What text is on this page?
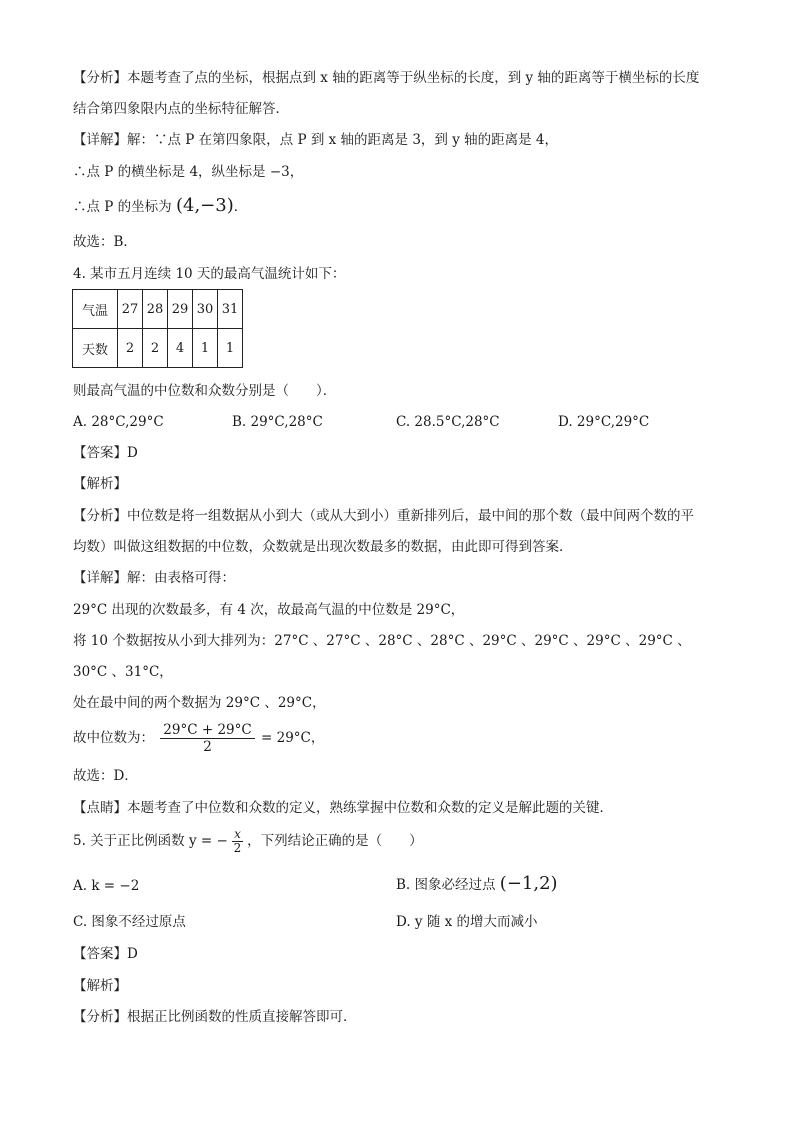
【分析】本题考查了点的坐标，根据点到 x 轴的距离等于纵坐标的长度，到 y 轴的距离等于横坐标的长度
结合第四象限内点的坐标特征解答．
【详解】解：∵点 P 在第四象限，点 P 到 x 轴的距离是 3，到 y 轴的距离是 4，
∴点 P 的横坐标是 4，纵坐标是 −3，
∴点 P 的坐标为 (4,−3)．
故选：B．
4. 某市五月连续 10 天的最高气温统计如下：
气温	27	28	29	30	31
天数	2	2	4	1	1
则最高气温的中位数和众数分别是（　　）．
A. 28°C,29°C	B. 29°C,28°C	C. 28.5°C,28°C	D. 29°C,29°C
【答案】D
【解析】
【分析】中位数是将一组数据从小到大（或从大到小）重新排列后，最中间的那个数（最中间两个数的平
均数）叫做这组数据的中位数，众数就是出现次数最多的数据，由此即可得到答案．
【详解】解：由表格可得：
29°C 出现的次数最多，有 4 次，故最高气温的中位数是 29°C，
将 10 个数据按从小到大排列为：27°C 、27°C 、28°C 、28°C 、29°C 、29°C 、29°C 、29°C 、
30°C 、31°C，
处在最中间的两个数据为 29°C 、29°C，
故中位数为： $\frac{29^\circ C + 29^\circ C}{2} = 29^\circ C$，
故选：D．
【点睛】本题考查了中位数和众数的定义，熟练掌握中位数和众数的定义是解此题的关键．
5. 关于正比例函数 y = − $\frac{x}{2}$ ，下列结论正确的是（　　）
A. k = −2	B. 图象必经过点 (−1,2)
C. 图象不经过原点	D. y 随 x 的增大而减小
【答案】D
【解析】
【分析】根据正比例函数的性质直接解答即可．
